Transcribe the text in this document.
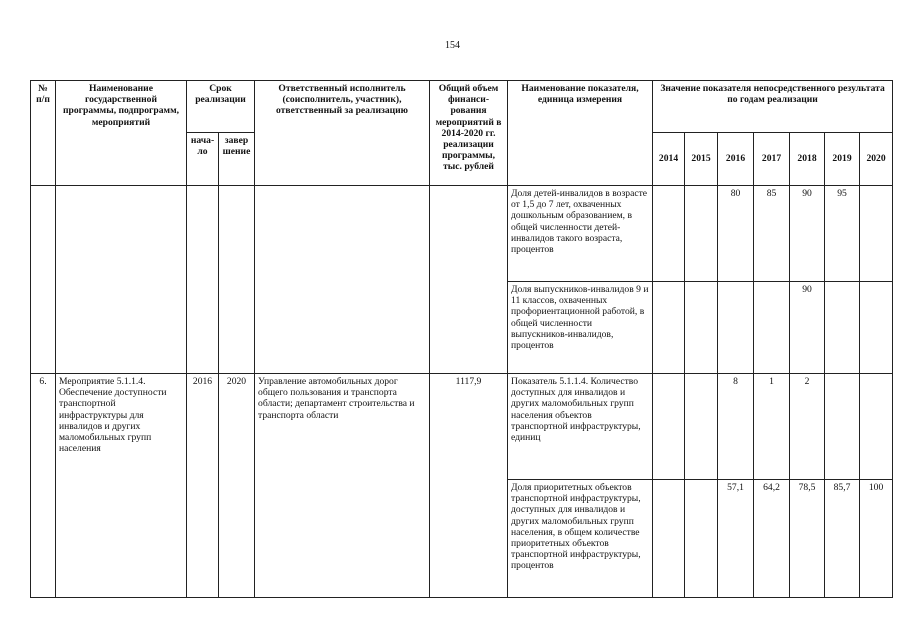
154
№ п/п	Наименование государственной программы, подпрограмм, мероприятий	Срок реализации		Ответственный исполнитель (соисполнитель, участник), ответственный за реализацию	Общий объем финанси-рования мероприятий в 2014-2020 гг. реализации программы, тыс. рублей	Наименование показателя, единица измерения	Значение показателя непосредственного результата по годам реализации						
		нача-ло	завер шение				2014	2015	2016	2017	2018	2019	2020
						Доля детей-инвалидов в возрасте от 1,5 до 7 лет, охваченных дошкольным образованием, в общей численности детей-инвалидов такого возраста, процентов			80	85	90	95	
						Доля выпускников-инвалидов 9 и 11 классов, охваченных профориентационной работой, в общей численности выпускников-инвалидов, процентов					90		
6.	Мероприятие 5.1.1.4. Обеспечение доступности транспортной инфраструктуры для инвалидов и других маломобильных групп населения	2016	2020	Управление автомобильных дорог общего пользования и транспорта области; департамент строительства и транспорта области	1117,9	Показатель 5.1.1.4. Количество доступных для инвалидов и других маломобильных групп населения объектов транспортной инфраструктуры, единиц			8	1	2		
						Доля приоритетных объектов транспортной инфраструктуры, доступных для инвалидов и других маломобильных групп населения, в общем количестве приоритетных объектов транспортной инфраструктуры, процентов			57,1	64,2	78,5	85,7	100
